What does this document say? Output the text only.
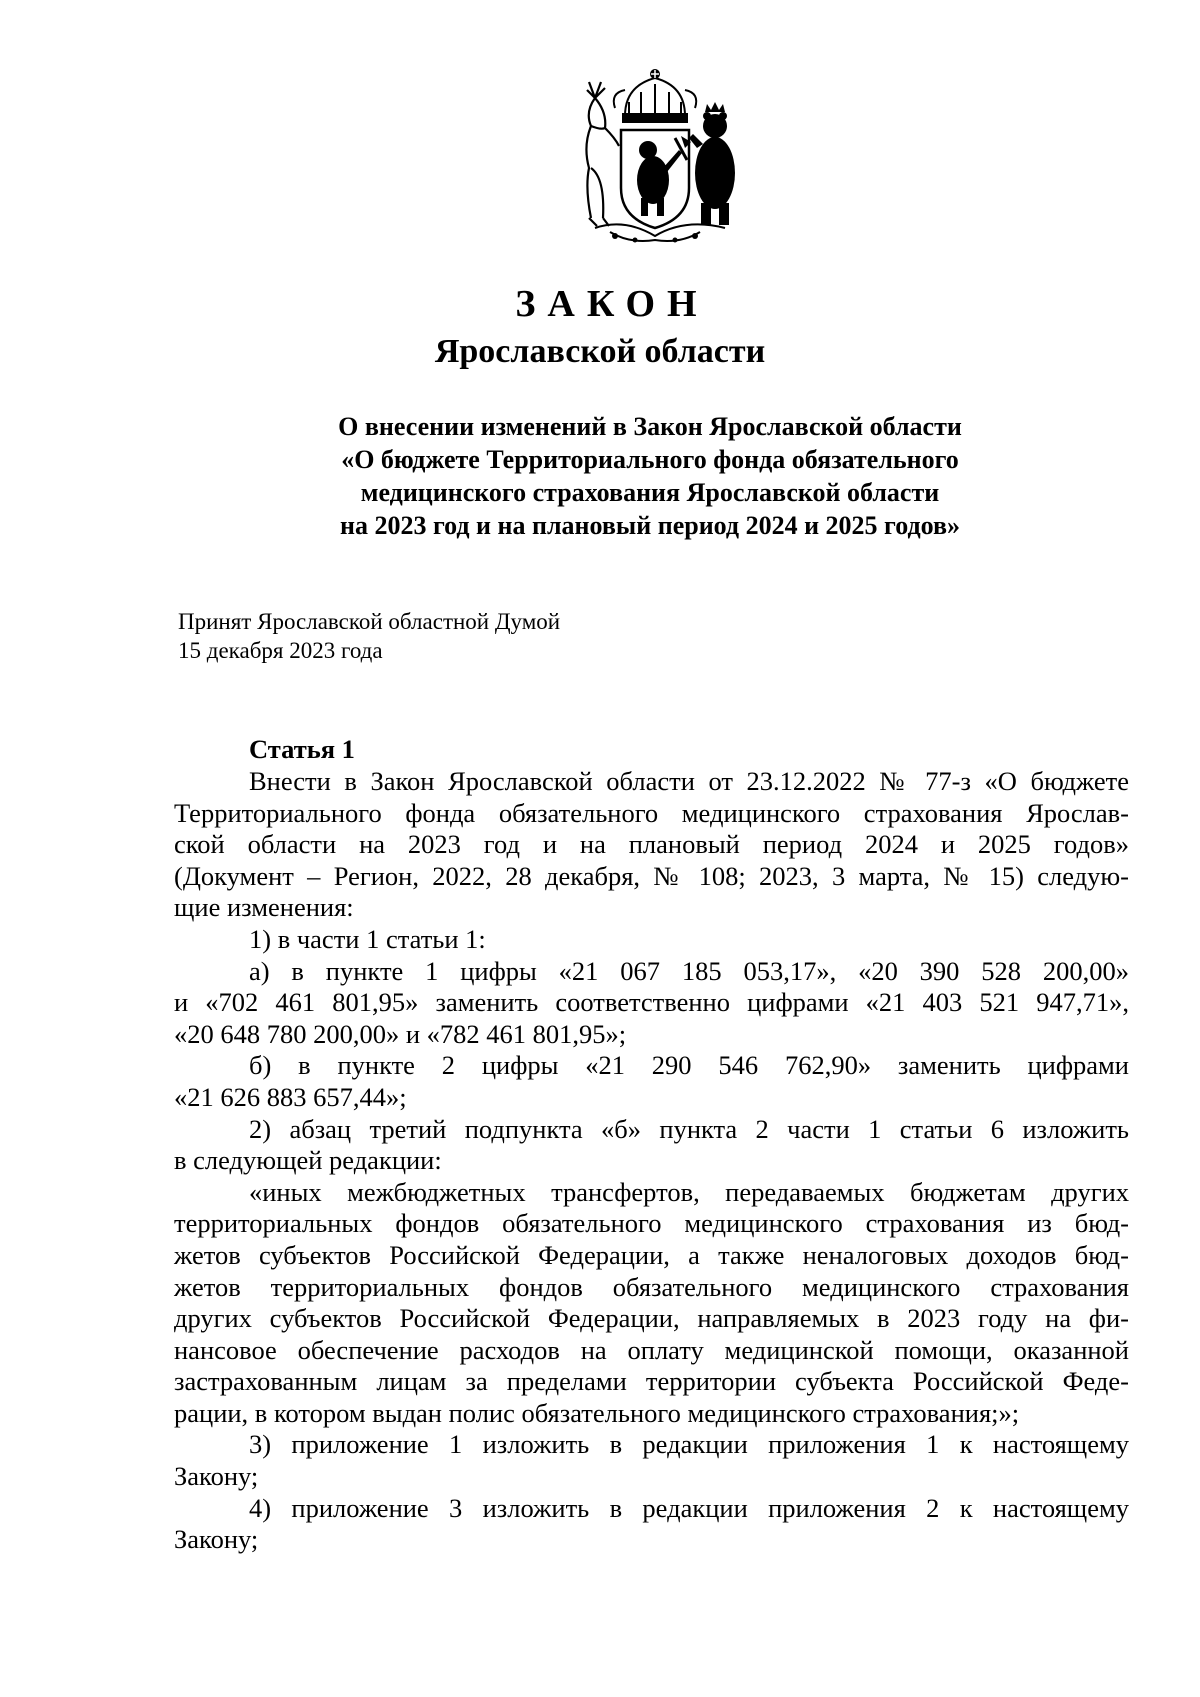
ЗАКОН
Ярославской области
О внесении изменений в Закон Ярославской области
«О бюджете Территориального фонда обязательного
медицинского страхования Ярославской области
на 2023 год и на плановый период 2024 и 2025 годов»
Принят Ярославской областной Думой
15 декабря 2023 года
Статья 1
Внести в Закон Ярославской области от 23.12.2022 № 77-з «О бюджете
Территориального фонда обязательного медицинского страхования Ярослав-
ской области на 2023 год и на плановый период 2024 и 2025 годов»
(Документ – Регион, 2022, 28 декабря, № 108; 2023, 3 марта, № 15) следую-
щие изменения:
1) в части 1 статьи 1:
а) в пункте 1 цифры «21 067 185 053,17», «20 390 528 200,00»
и «702 461 801,95» заменить соответственно цифрами «21 403 521 947,71»,
«20 648 780 200,00» и «782 461 801,95»;
б) в пункте 2 цифры «21 290 546 762,90» заменить цифрами
«21 626 883 657,44»;
2) абзац третий подпункта «б» пункта 2 части 1 статьи 6 изложить
в следующей редакции:
«иных межбюджетных трансфертов, передаваемых бюджетам других
территориальных фондов обязательного медицинского страхования из бюд-
жетов субъектов Российской Федерации, а также неналоговых доходов бюд-
жетов территориальных фондов обязательного медицинского страхования
других субъектов Российской Федерации, направляемых в 2023 году на фи-
нансовое обеспечение расходов на оплату медицинской помощи, оказанной
застрахованным лицам за пределами территории субъекта Российской Феде-
рации, в котором выдан полис обязательного медицинского страхования;»;
3) приложение 1 изложить в редакции приложения 1 к настоящему
Закону;
4) приложение 3 изложить в редакции приложения 2 к настоящему
Закону;
